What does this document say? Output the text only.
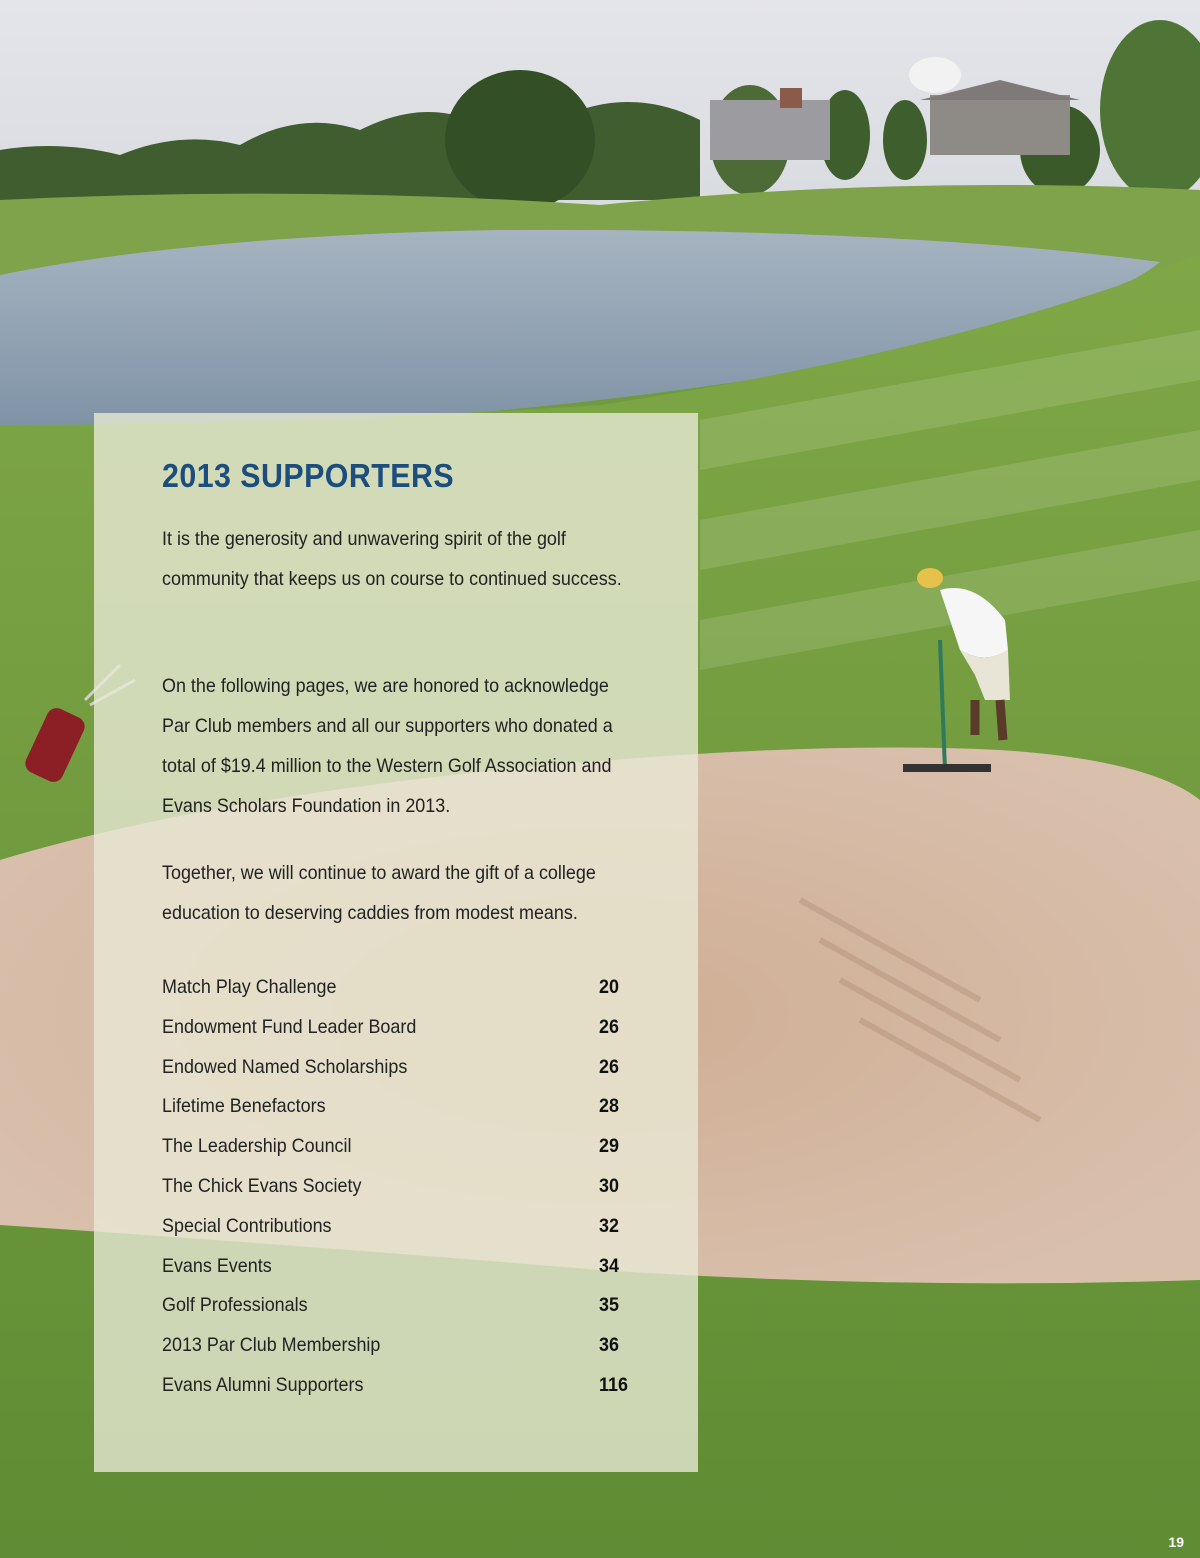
2013 SUPPORTERS

It is the generosity and unwavering spirit of the golf community that keeps us on course to continued success.

On the following pages, we are honored to acknowledge Par Club members and all our supporters who donated a total of $19.4 million to the Western Golf Association and Evans Scholars Foundation in 2013.

Together, we will continue to award the gift of a college education to deserving caddies from modest means.

Match Play Challenge	20
Endowment Fund Leader Board	26
Endowed Named Scholarships	26
Lifetime Benefactors	28
The Leadership Council	29
The Chick Evans Society	30
Special Contributions	32
Evans Events	34
Golf Professionals	35
2013 Par Club Membership	36
Evans Alumni Supporters	116
19
